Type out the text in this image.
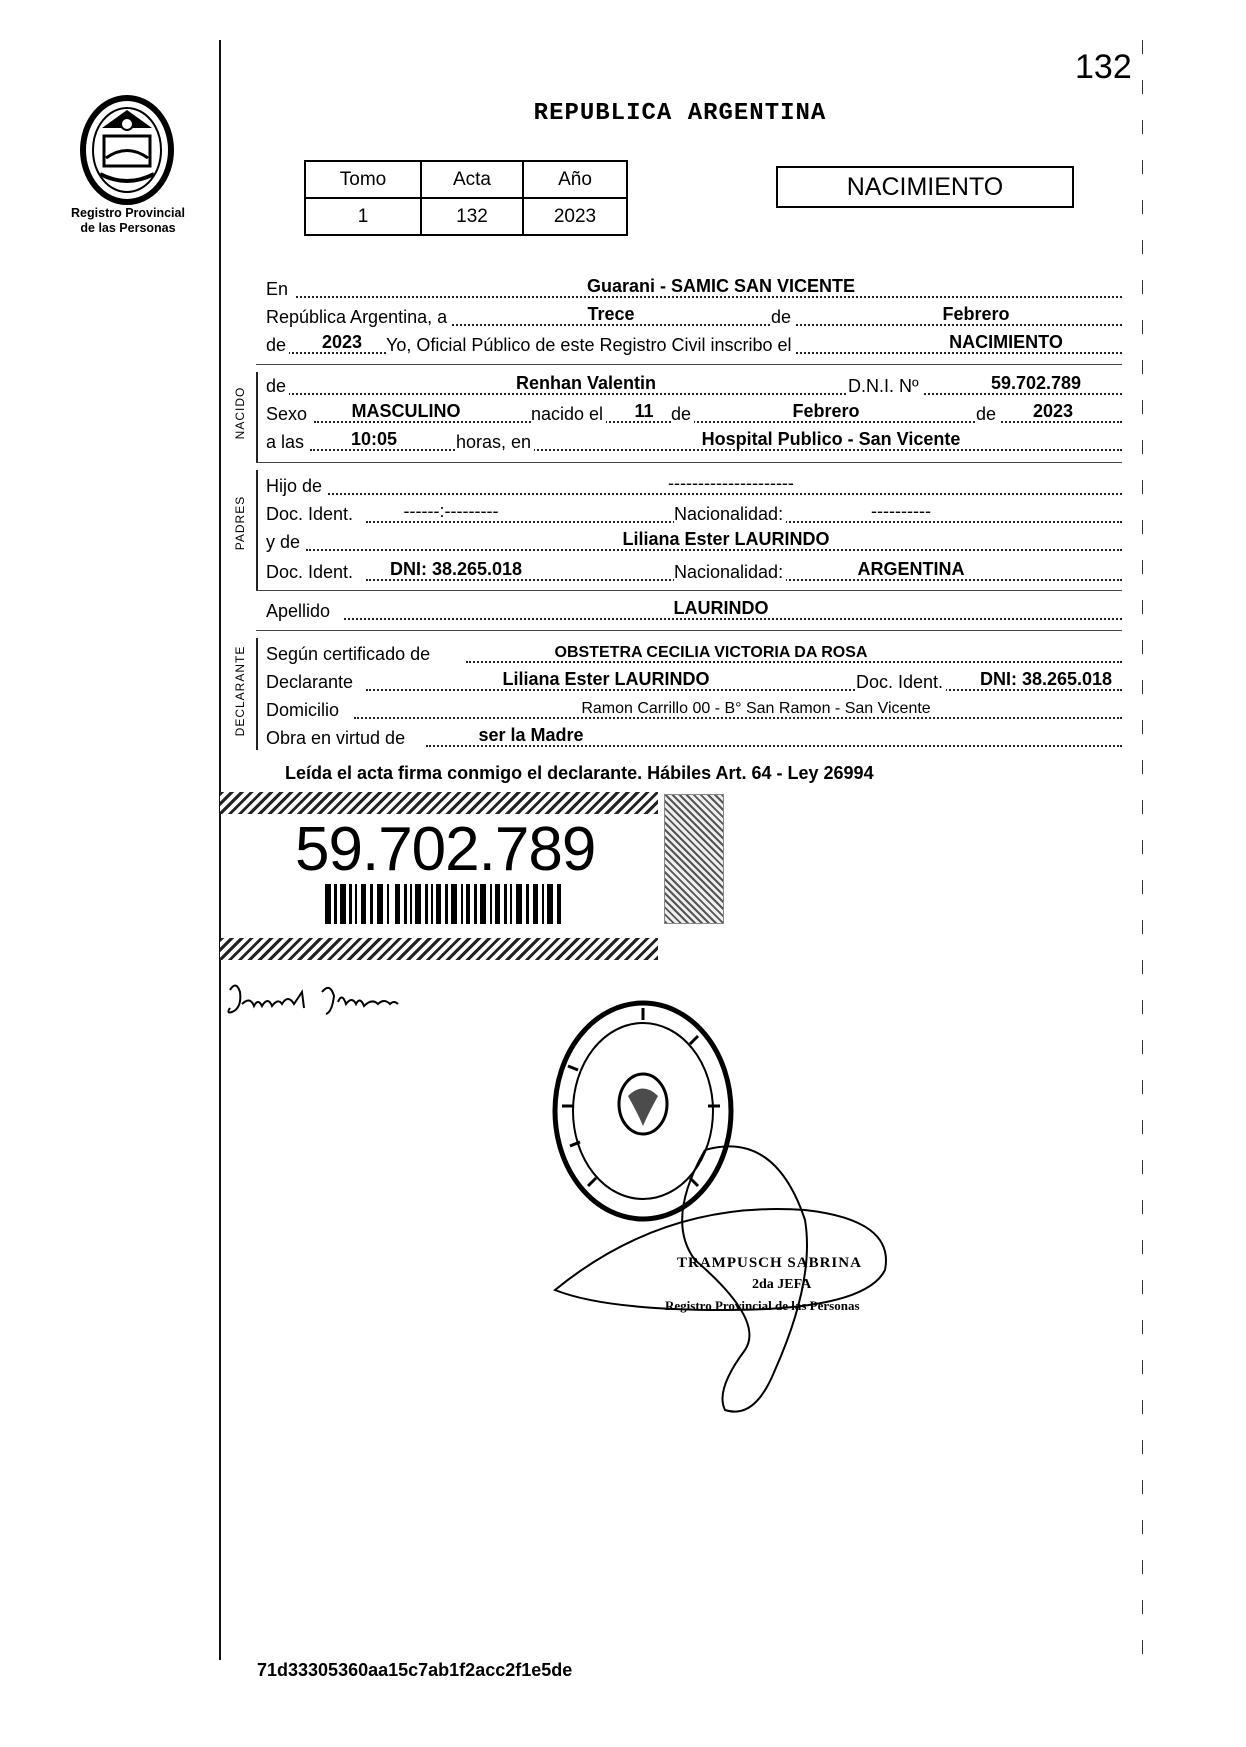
132
Registro Provincial
de las Personas
REPUBLICA ARGENTINA
Tomo	Acta	Año
1	132	2023
NACIMIENTO
En	Guarani - SAMIC SAN VICENTE
República Argentina, a	Trece	de	Febrero
de	2023	Yo, Oficial Público de este Registro Civil inscribo el	NACIMIENTO
NACIDO
de	Renhan Valentin	D.N.I. Nº	59.702.789
Sexo	MASCULINO	nacido el	11 de	Febrero	de	2023
a las	10:05	horas, en	Hospital Publico - San Vicente
PADRES
Hijo de	---------------------
Doc. Ident.	------:---------	Nacionalidad:	----------
y de	Liliana Ester LAURINDO
Doc. Ident.	DNI: 38.265.018	Nacionalidad:	ARGENTINA
Apellido	LAURINDO
DECLARANTE Según certificado de	OBSTETRA CECILIA VICTORIA DA ROSA
Declarante	Liliana Ester LAURINDO	Doc. Ident.	DNI: 38.265.018
Domicilio	Ramon Carrillo 00 - B° San Ramon - San Vicente
Obra en virtud de	ser la Madre
Leída el acta firma conmigo el declarante. Hábiles Art. 64 - Ley 26994
59.702.789
TRAMPUSCH SABRINA
2da JEFA
Registro Provincial de las Personas
71d33305360aa15c7ab1f2acc2f1e5de
